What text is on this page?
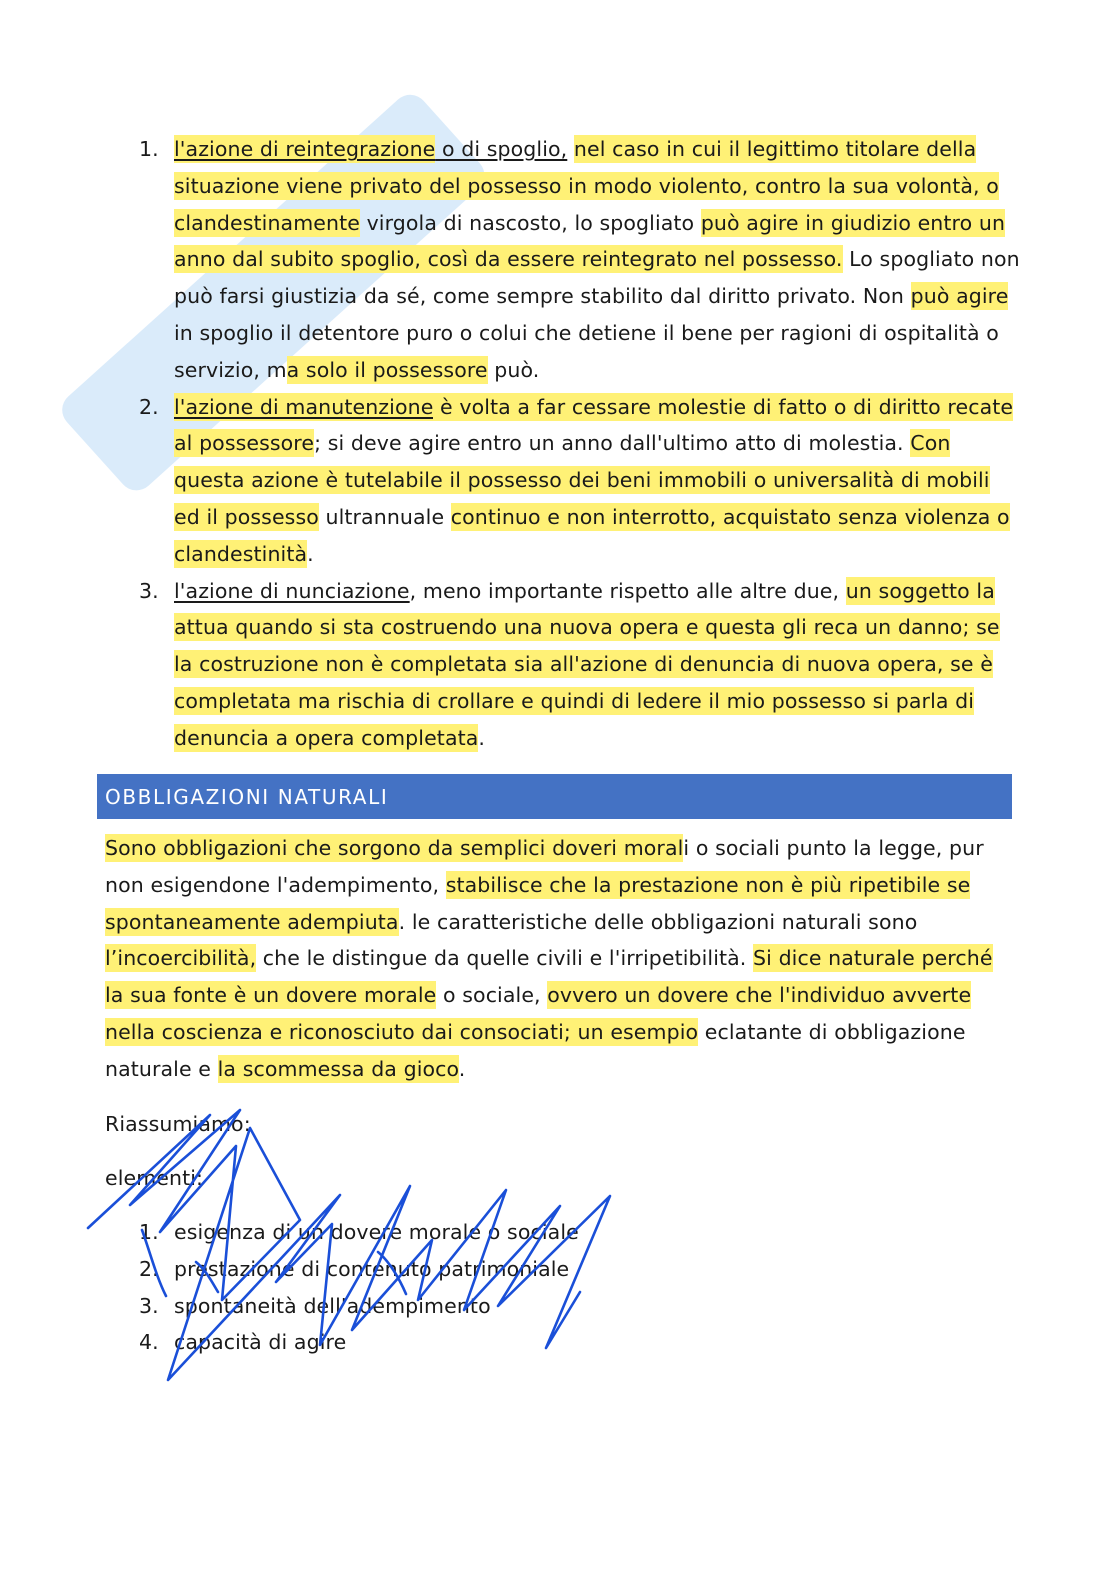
1. l'azione di reintegrazione o di spoglio, nel caso in cui il legittimo titolare della situazione viene privato del possesso in modo violento, contro la sua volontà, o clandestinamente virgola di nascosto, lo spogliato può agire in giudizio entro un anno dal subito spoglio, così da essere reintegrato nel possesso. Lo spogliato non può farsi giustizia da sé, come sempre stabilito dal diritto privato. Non può agire in spoglio il detentore puro o colui che detiene il bene per ragioni di ospitalità o servizio, ma solo il possessore può.
2. l'azione di manutenzione è volta a far cessare molestie di fatto o di diritto recate al possessore; si deve agire entro un anno dall'ultimo atto di molestia. Con questa azione è tutelabile il possesso dei beni immobili o universalità di mobili ed il possesso ultrannuale continuo e non interrotto, acquistato senza violenza o clandestinità.
3. l'azione di nunciazione, meno importante rispetto alle altre due, un soggetto la attua quando si sta costruendo una nuova opera e questa gli reca un danno; se la costruzione non è completata sia all'azione di denuncia di nuova opera, se è completata ma rischia di crollare e quindi di ledere il mio possesso si parla di denuncia a opera completata.
OBBLIGAZIONI NATURALI
Sono obbligazioni che sorgono da semplici doveri morali o sociali punto la legge, pur non esigendone l'adempimento, stabilisce che la prestazione non è più ripetibile se spontaneamente adempiuta. le caratteristiche delle obbligazioni naturali sono l’incoercibilità, che le distingue da quelle civili e l'irripetibilità. Si dice naturale perché la sua fonte è un dovere morale o sociale, ovvero un dovere che l'individuo avverte nella coscienza e riconosciuto dai consociati; un esempio eclatante di obbligazione naturale e la scommessa da gioco.
Riassumiamo:
elementi:
1. esigenza di un dovere morale o sociale
2. prestazione di contenuto patrimoniale
3. spontaneità dell'adempimento
4. capacità di agire
